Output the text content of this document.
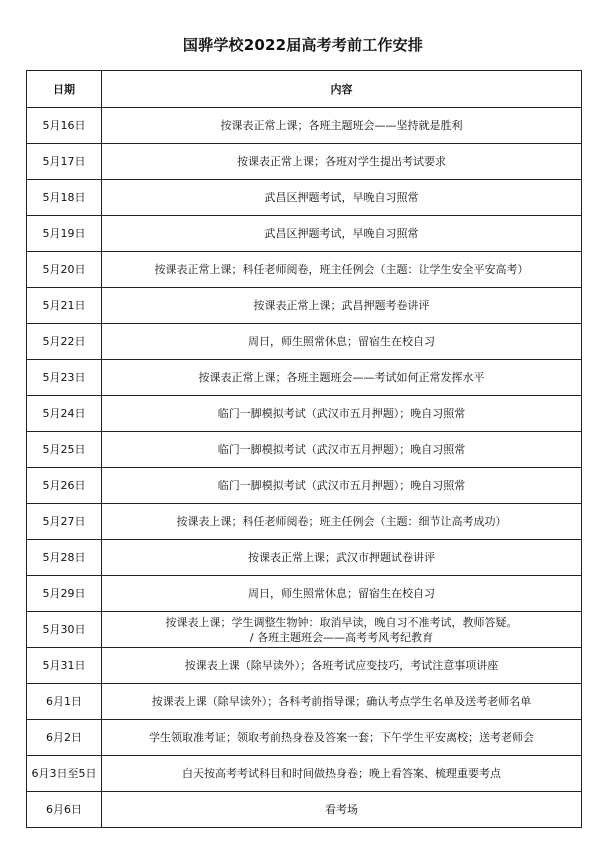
国骅学校2022届高考考前工作安排
日期	内容
5月16日	按课表正常上课；各班主题班会——坚持就是胜利

5月17日	按课表正常上课；各班对学生提出考试要求

5月18日	武昌区押题考试，早晚自习照常

5月19日	武昌区押题考试，早晚自习照常

5月20日	按课表正常上课；科任老师阅卷，班主任例会（主题：让学生安全平安高考）

5月21日	按课表正常上课；武昌押题考卷讲评

5月22日	周日，师生照常休息；留宿生在校自习

5月23日	按课表正常上课；各班主题班会——考试如何正常发挥水平

5月24日	临门一脚模拟考试（武汉市五月押题）；晚自习照常

5月25日	临门一脚模拟考试（武汉市五月押题）；晚自习照常

5月26日	临门一脚模拟考试（武汉市五月押题）；晚自习照常

5月27日	按课表上课；科任老师阅卷；班主任例会（主题：细节让高考成功）

5月28日	按课表正常上课；武汉市押题试卷讲评

5月29日	周日，师生照常休息；留宿生在校自习

5月30日	按课表上课；学生调整生物钟：取消早读，晚自习不准考试，教师答疑。
/ 各班主题班会——高考考风考纪教育

5月31日	按课表上课（除早读外）；各班考试应变技巧，考试注意事项讲座

6月1日	按课表上课（除早读外）；各科考前指导课；确认考点学生名单及送考老师名单

6月2日	学生领取准考证；领取考前热身卷及答案一套；下午学生平安离校；送考老师会

6月3日至5日	白天按高考考试科目和时间做热身卷；晚上看答案、梳理重要考点

6月6日	看考场
